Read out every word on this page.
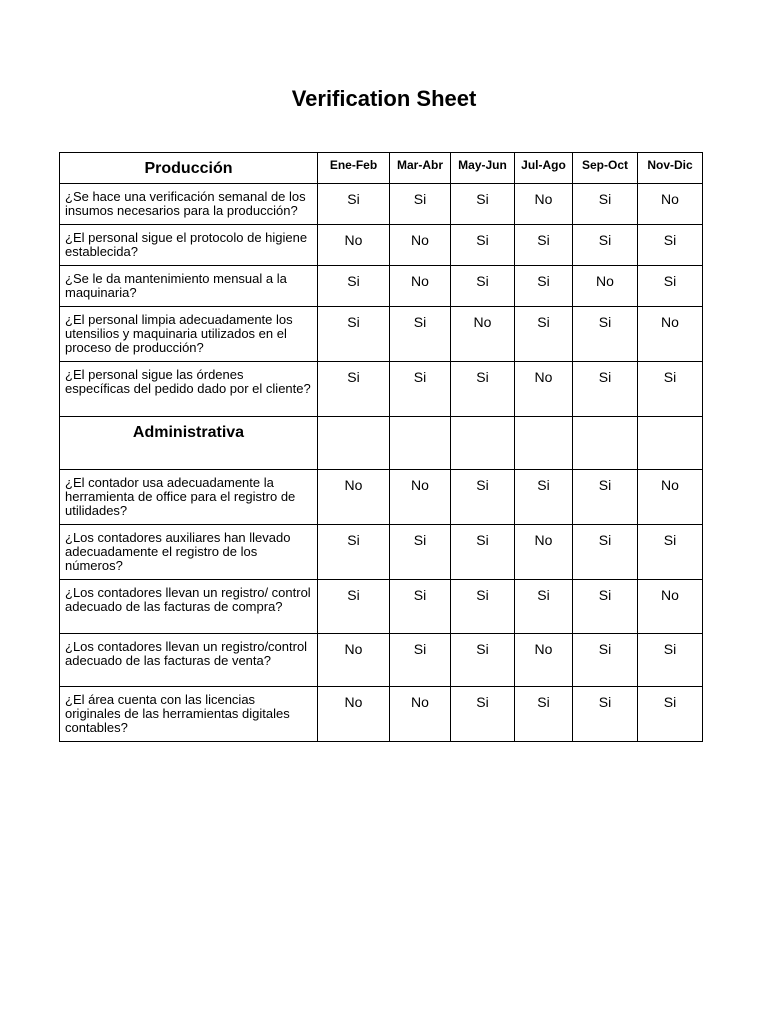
Verification Sheet
Producción	Ene-Feb	Mar-Abr	May-Jun	Jul-Ago	Sep-Oct	Nov-Dic
¿Se hace una verificación semanal de los insumos necesarios para la producción?	Si	Si	Si	No	Si	No
¿El personal sigue el protocolo de higiene establecida?	No	No	Si	Si	Si	Si
¿Se le da mantenimiento mensual a la maquinaria?	Si	No	Si	Si	No	Si
¿El personal limpia adecuadamente los utensilios y maquinaria utilizados en el proceso de producción?	Si	Si	No	Si	Si	No
¿El personal sigue las órdenes específicas del pedido dado por el cliente?	Si	Si	Si	No	Si	Si
Administrativa						
¿El contador usa adecuadamente la herramienta de office para el registro de utilidades?	No	No	Si	Si	Si	No
¿Los contadores auxiliares han llevado adecuadamente el registro de los números?	Si	Si	Si	No	Si	Si
¿Los contadores llevan un registro/ control adecuado de las facturas de compra?	Si	Si	Si	Si	Si	No
¿Los contadores llevan un registro/control adecuado de las facturas de venta?	No	Si	Si	No	Si	Si
¿El área cuenta con las licencias originales de las herramientas digitales contables?	No	No	Si	Si	Si	Si
